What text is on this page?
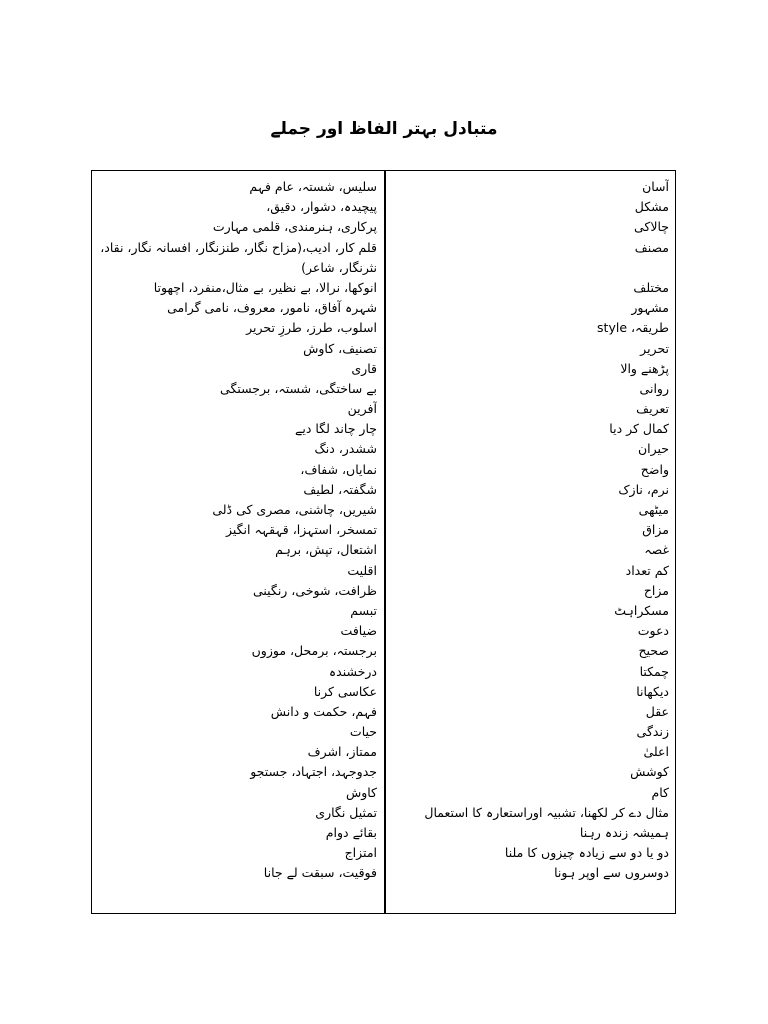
متبادل بہتر الفاظ اور جملے
آسان
مشکل
چالاکی
مصنف
مختلف
مشہور
طریقہ، style
تحریر
پڑھنے والا
روانی
تعریف
کمال کر دیا
حیران
واضح
نرم، نازک
میٹھی
مزاق
غصہ
کم تعداد
مزاح
مسکراہٹ
دعوت
صحیح
چمکتا
دیکھانا
عقل
زندگی
اعلیٰ
کوشش
کام
مثال دے کر لکھنا، تشبیہ اوراستعارہ کا استعمال
ہمیشہ زندہ رہنا
دو یا دو سے زیادہ چیزوں کا ملنا
دوسروں سے اوپر ہونا
سلیس، شستہ، عام فہم
پیچیدہ، دشوار، دقیق،
پرکاری، ہنرمندی، قلمی مہارت
قلم کار، ادیب،(مزاح نگار، طنزنگار، افسانہ نگار، نقاد، نثرنگار، شاعر)
انوکھا، نرالا، بے نظیر، بے مثال،منفرد، اچھوتا
شہرہ آفاق، نامور، معروف، نامی گرامی
اسلوب، طرز، طرزِ تحریر
تصنیف، کاوش
قاری
بے ساختگی، شستہ، برجستگی
آفرین
چار چاند لگا دیے
ششدر، دنگ
نمایاں، شفاف،
شگفتہ، لطیف
شیریں، چاشنی، مصری کی ڈلی
تمسخر، استہزا، قہقہہ انگیز
اشتعال، تپش، برہم
اقلیت
ظرافت، شوخی، رنگینی
تبسم
ضیافت
برجستہ، برمحل، موزوں
درخشندہ
عکاسی کرنا
فہم، حکمت و دانش
حیات
ممتاز، اشرف
جدوجہد، اجتہاد، جستجو
کاوش
تمثیل نگاری
بقائے دوام
امتزاج
فوقیت، سبقت لے جانا
